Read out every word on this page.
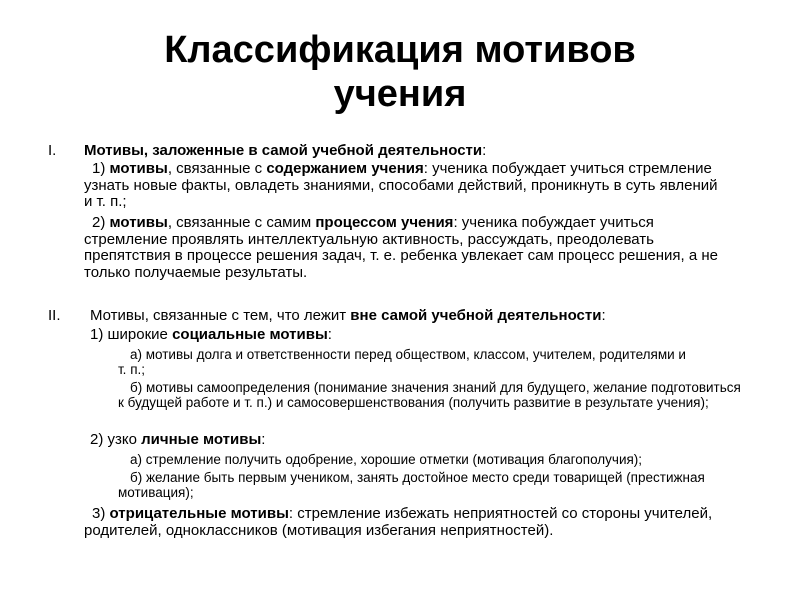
Классификация мотивов
учения
I. Мотивы, заложенные в самой учебной деятельности:
1) мотивы, связанные с содержанием учения: ученика побуждает учиться стремление узнать новые факты, овладеть знаниями, способами действий, проникнуть в суть явлений и т. п.;
2) мотивы, связанные с самим процессом учения: ученика побуждает учиться стремление проявлять интеллектуальную активность, рассуждать, преодолевать препятствия в процессе решения задач, т. е. ребенка увлекает сам процесс решения, а не только получаемые результаты.
II. Мотивы, связанные с тем, что лежит вне самой учебной деятельности:
1) широкие социальные мотивы:
а) мотивы долга и ответственности перед обществом, классом, учителем, родителями и т. п.;
б) мотивы самоопределения (понимание значения знаний для будущего, желание подготовиться к будущей работе и т. п.) и самосовершенствования (получить развитие в результате учения);
2) узко личные мотивы:
а) стремление получить одобрение, хорошие отметки (мотивация благополучия);
б) желание быть первым учеником, занять достойное место среди товарищей (престижная мотивация);
3) отрицательные мотивы: стремление избежать неприятностей со стороны учителей, родителей, одноклассников (мотивация избегания неприятностей).
